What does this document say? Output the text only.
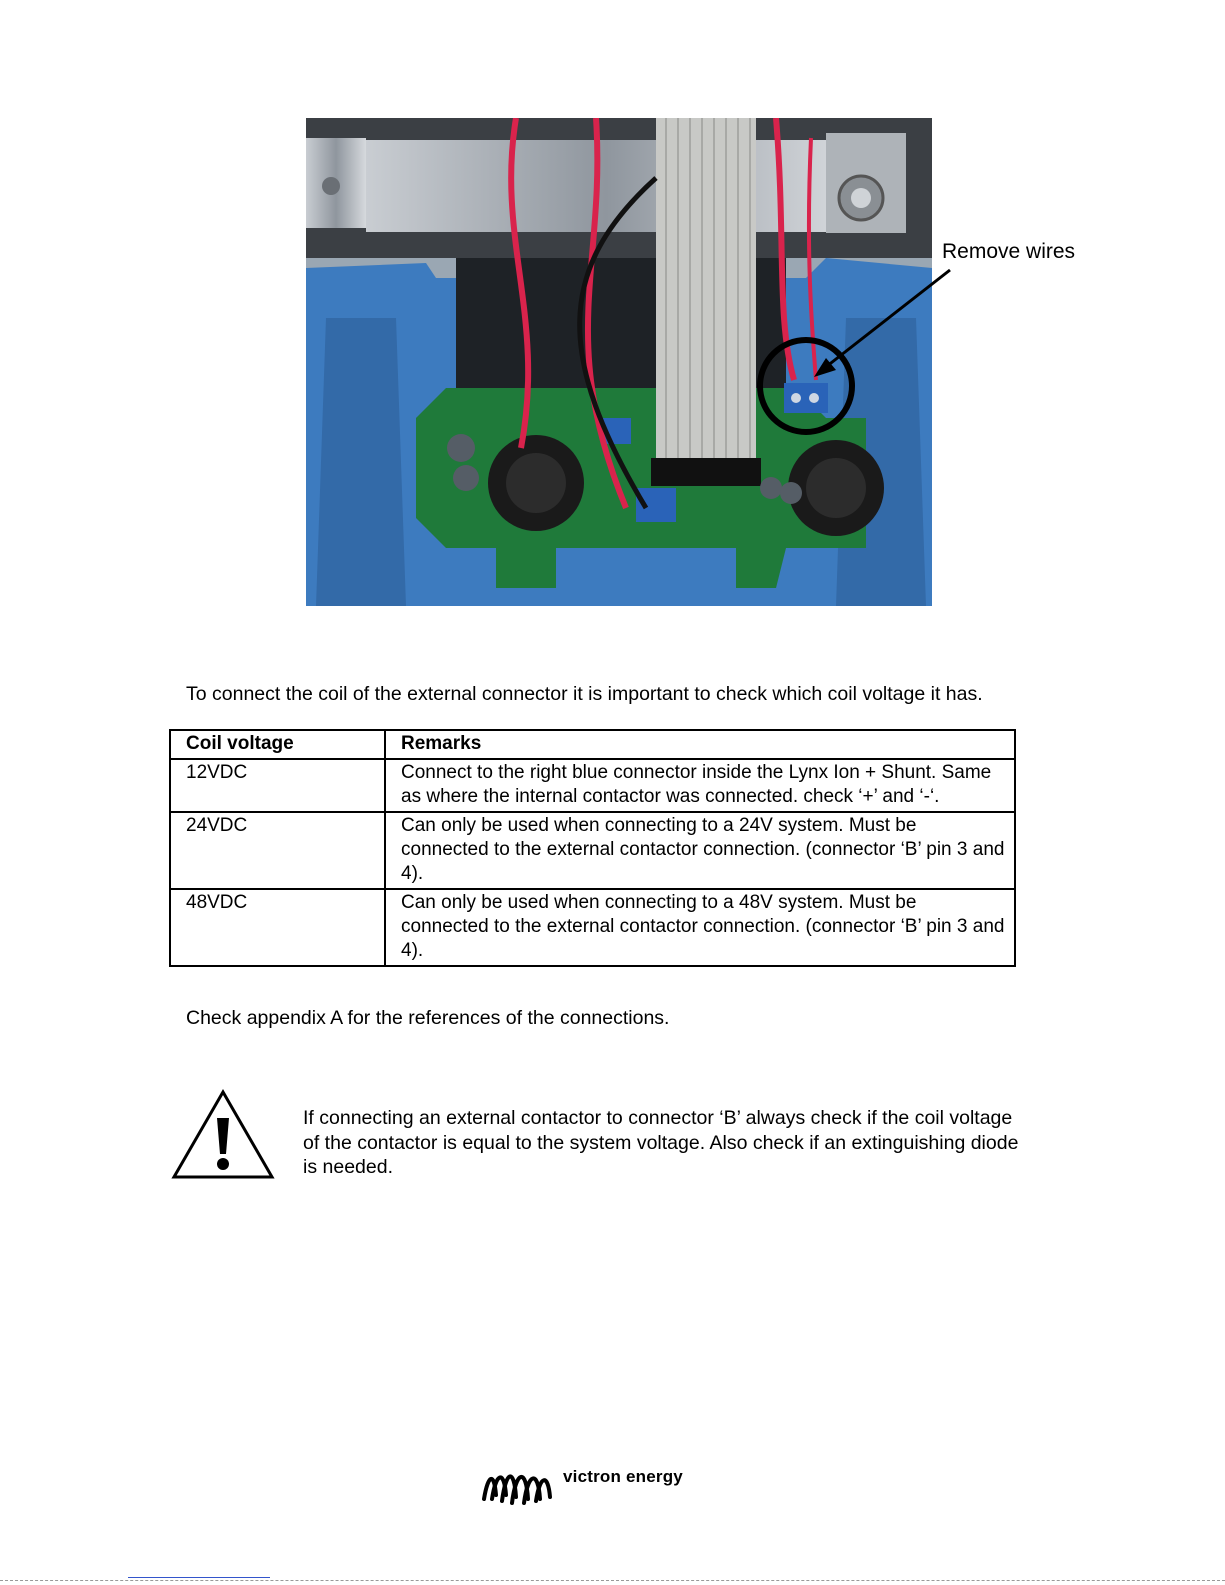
Remove wires
To connect the coil of the external connector it is important to check which coil voltage it has.
Coil voltage	Remarks
12VDC	Connect to the right blue connector inside the Lynx Ion + Shunt. Same as where the internal contactor was connected. check ‘+’ and ‘-‘.
24VDC	Can only be used when connecting to a 24V system. Must be connected to the external contactor connection. (connector ‘B’ pin 3 and 4).
48VDC	Can only be used when connecting to a 48V system. Must be connected to the external contactor connection. (connector ‘B’ pin 3 and 4).
Check appendix A for the references of the connections.
If connecting an external contactor to connector ‘B’ always check if the coil voltage of the contactor is equal to the system voltage. Also check if an extinguishing diode is needed.
victron energy
